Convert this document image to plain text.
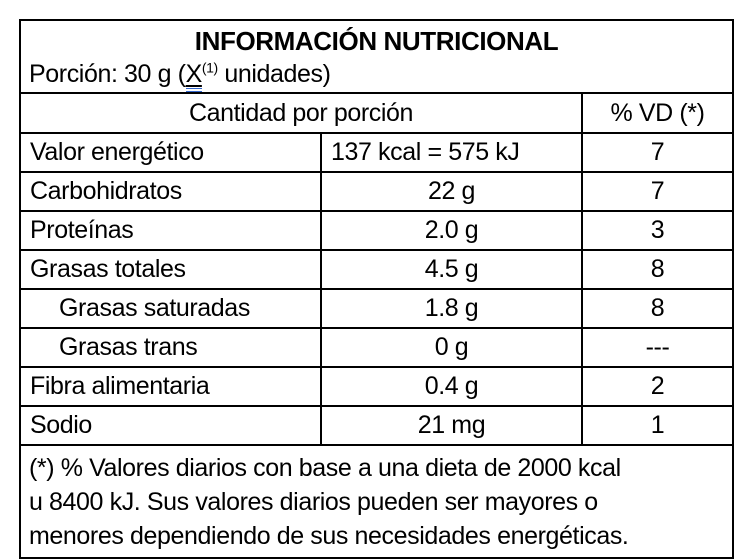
INFORMACIÓN NUTRICIONAL
Porción: 30 g ($X^{(1)}$ unidades)		

Cantidad por porción		% VD (*)
Valor energético	137 kcal = 575 kJ	7
Carbohidratos	22 g	7
Proteínas	2.0 g	3
Grasas totales	4.5 g	8
Grasas saturadas	1.8 g	8
Grasas trans	0 g	---
Fibra alimentaria	0.4 g	2
Sodio	21 mg	1

(*) % Valores diarios con base a una dieta de 2000 kcal
u 8400 kJ. Sus valores diarios pueden ser mayores o
menores dependiendo de sus necesidades energéticas.		
